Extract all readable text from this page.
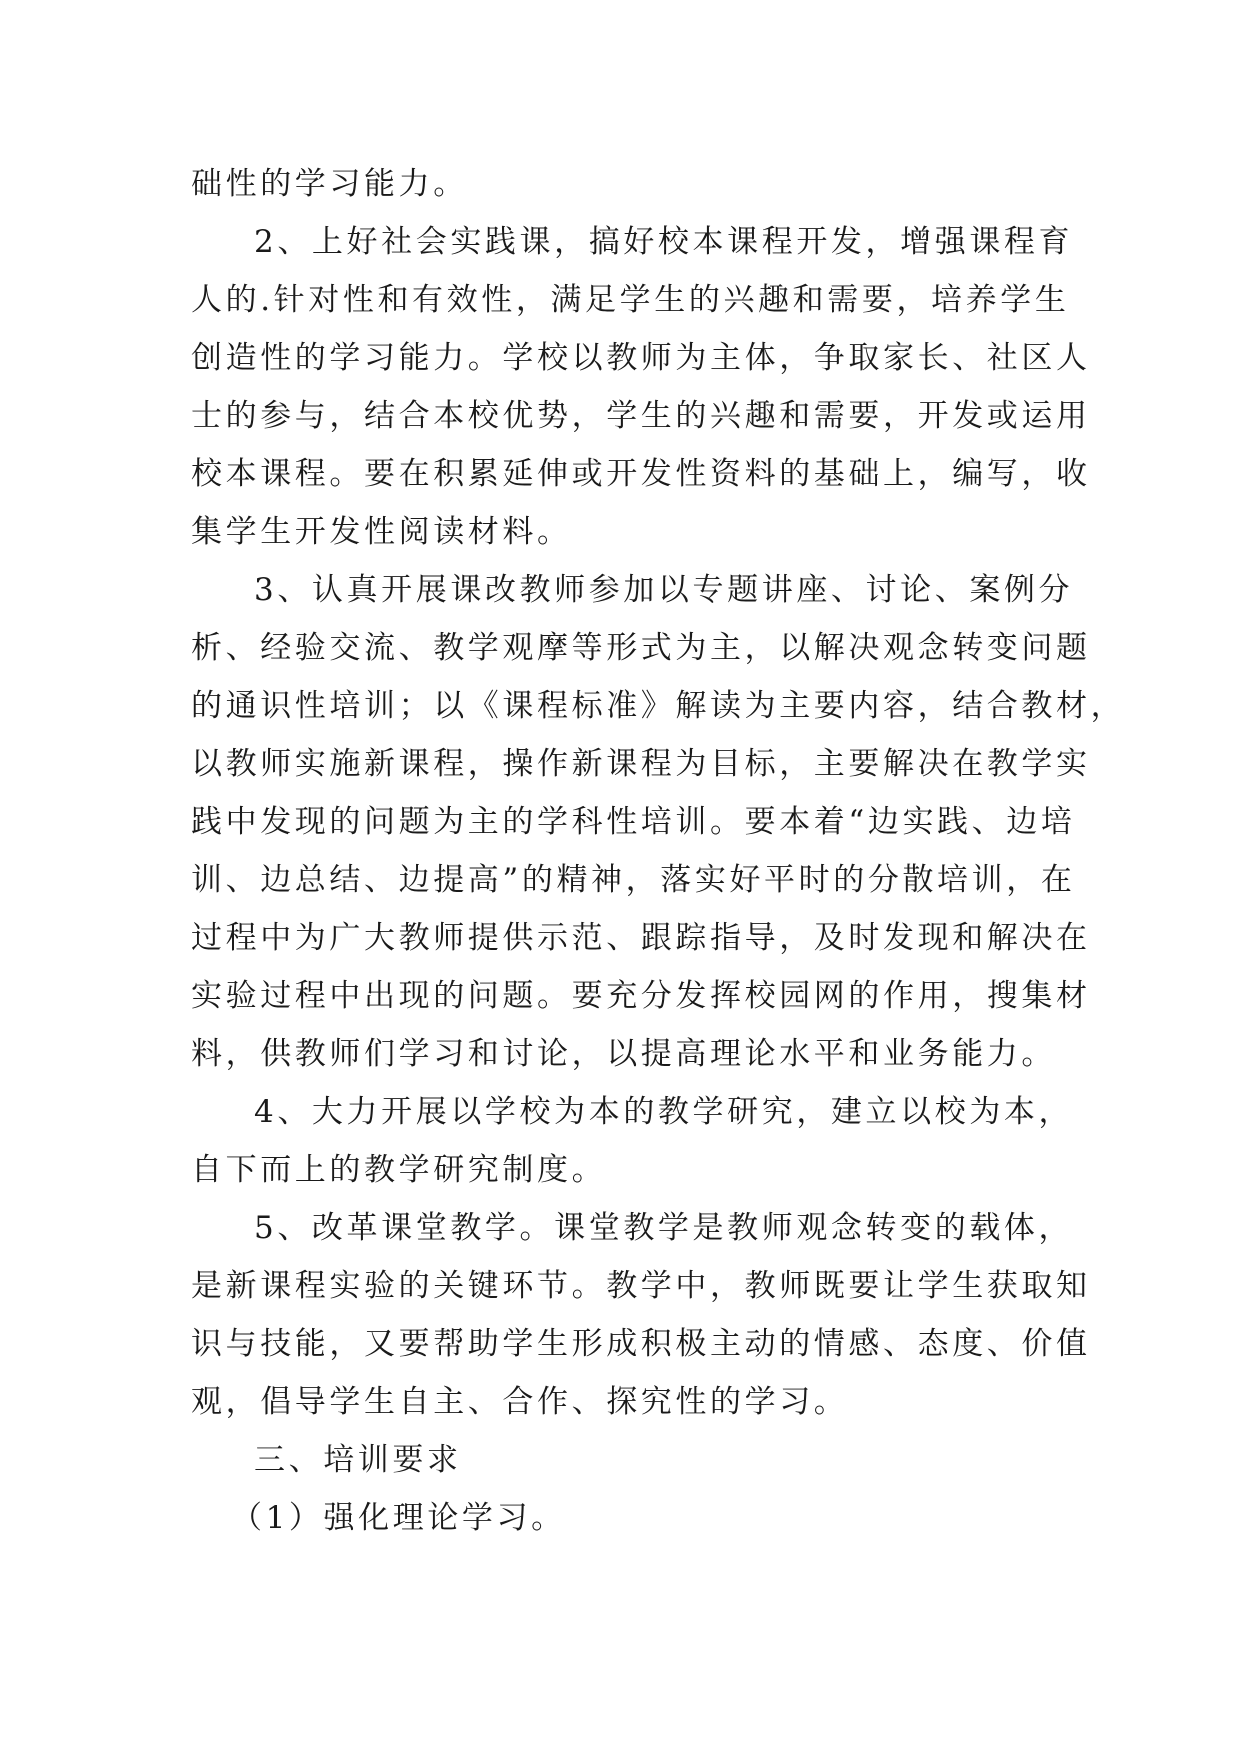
础性的学习能力。
2、上好社会实践课，搞好校本课程开发，增强课程育
人的.针对性和有效性，满足学生的兴趣和需要，培养学生
创造性的学习能力。学校以教师为主体，争取家长、社区人
士的参与，结合本校优势，学生的兴趣和需要，开发或运用
校本课程。要在积累延伸或开发性资料的基础上，编写，收
集学生开发性阅读材料。
3、认真开展课改教师参加以专题讲座、讨论、案例分
析、经验交流、教学观摩等形式为主，以解决观念转变问题
的通识性培训；以《课程标准》解读为主要内容，结合教材，
以教师实施新课程，操作新课程为目标，主要解决在教学实
践中发现的问题为主的学科性培训。要本着“边实践、边培
训、边总结、边提高”的精神，落实好平时的分散培训，在
过程中为广大教师提供示范、跟踪指导，及时发现和解决在
实验过程中出现的问题。要充分发挥校园网的作用，搜集材
料，供教师们学习和讨论，以提高理论水平和业务能力。
4、大力开展以学校为本的教学研究，建立以校为本，
自下而上的教学研究制度。
5、改革课堂教学。课堂教学是教师观念转变的载体，
是新课程实验的关键环节。教学中，教师既要让学生获取知
识与技能，又要帮助学生形成积极主动的情感、态度、价值
观，倡导学生自主、合作、探究性的学习。
三、培训要求
（1）强化理论学习。
